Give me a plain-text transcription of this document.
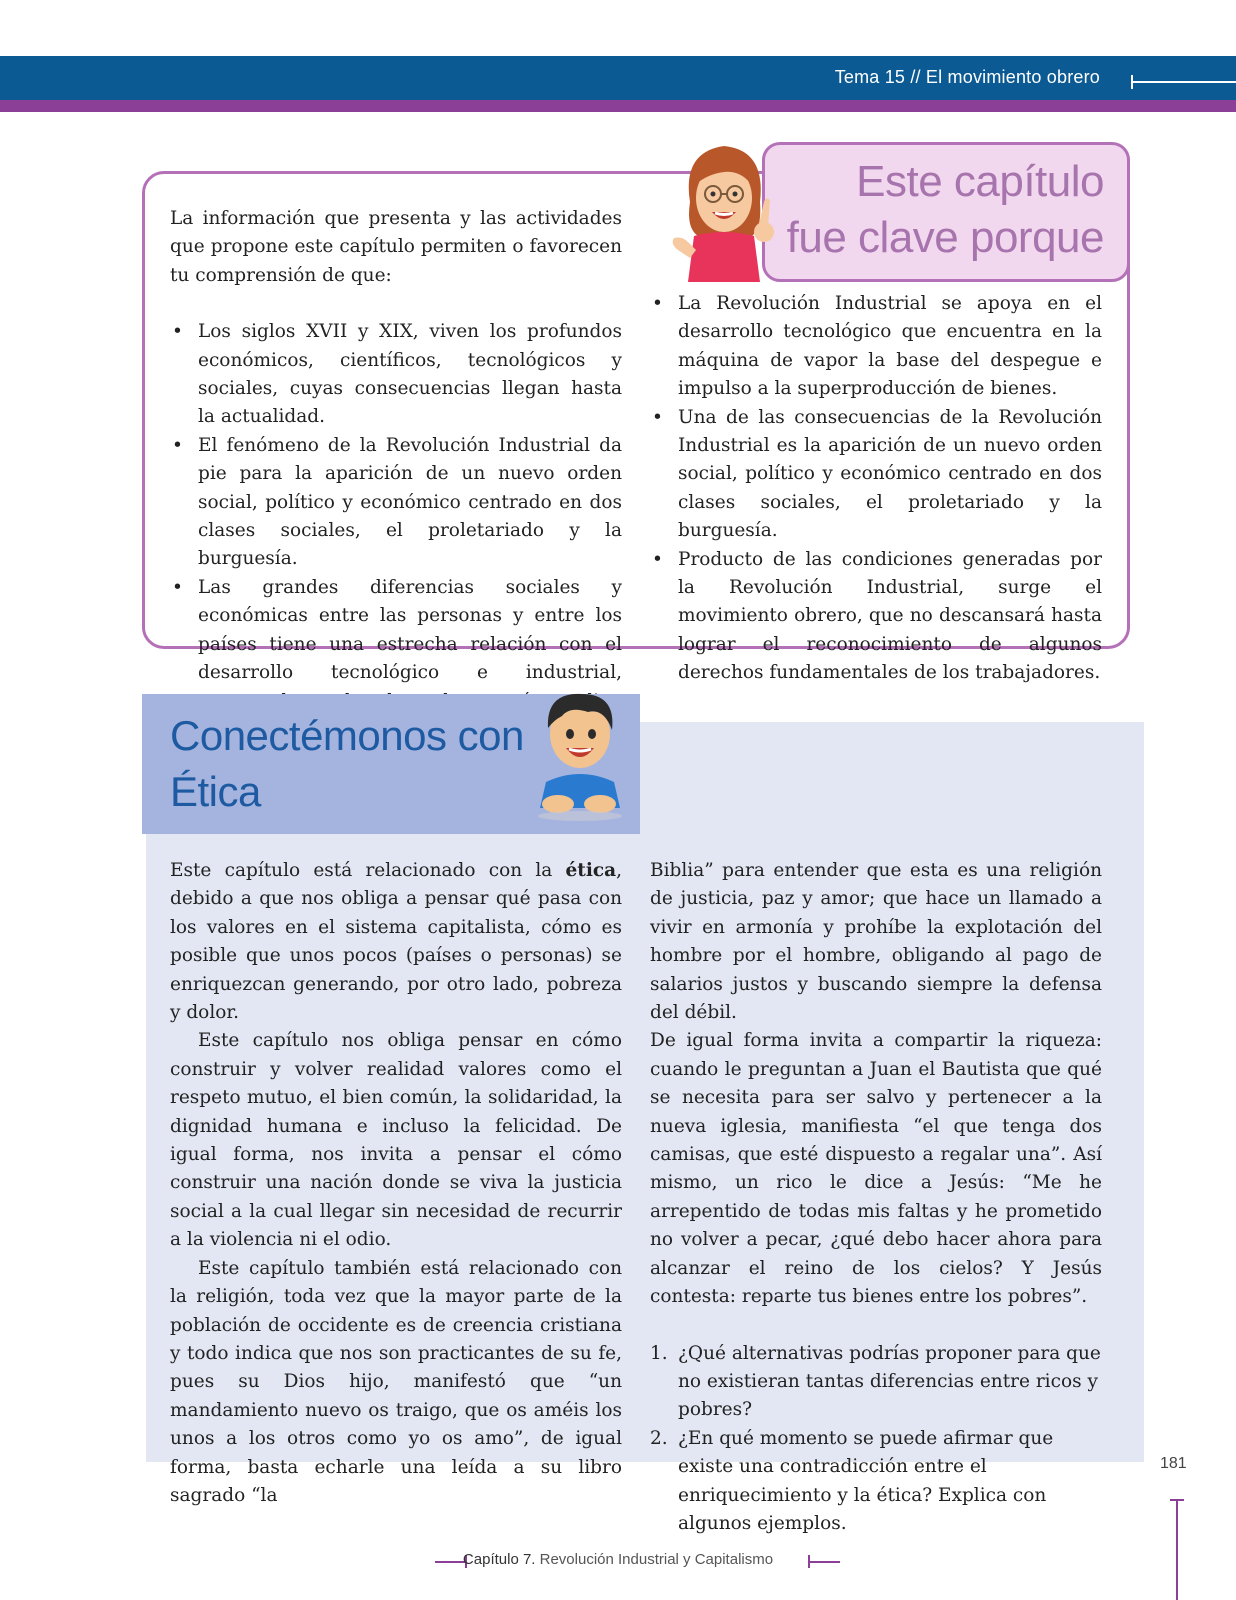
Tema 15 // El movimiento obrero
Este capítulo
fue clave porque

La información que presenta y las actividades que propone este capítulo permiten o favorecen tu comprensión de que:

• Los siglos XVII y XIX, viven los profundos económicos, científicos, tecnológicos y sociales, cuyas consecuencias llegan hasta la actualidad.
• El fenómeno de la Revolución Industrial da pie para la aparición de un nuevo orden social, político y económico centrado en dos clases sociales, el proletariado y la burguesía.
• Las grandes diferencias sociales y económicas entre las personas y entre los países tiene una estrecha relación con el desarrollo tecnológico e industrial,
• La Revolución Industrial se apoya en el desarrollo tecnológico que encuentra en la máquina de vapor la base del despegue e impulso a la superproducción de bienes.
• Una de las consecuencias de la Revolución Industrial es la aparición de un nuevo orden social, político y económico centrado en dos clases sociales, el proletariado y la burguesía.
• Producto de las condiciones generadas por la Revolución Industrial, surge el movimiento obrero, que no descansará hasta lograr el reconocimiento de algunos derechos fundamentales de los trabajadores.
Conectémonos con
Ética

Este capítulo está relacionado con la ética, debido a que nos obliga a pensar qué pasa con los valores en el sistema capitalista, cómo es posible que unos pocos (países o personas) se enriquezcan generando, por otro lado, pobreza y dolor.

Este capítulo nos obliga pensar en cómo construir y volver realidad valores como el respeto mutuo, el bien común, la solidaridad, la dignidad humana e incluso la felicidad. De igual forma, nos invita a pensar el cómo construir una nación donde se viva la justicia social a la cual llegar sin necesidad de recurrir a la violencia ni el odio.

Este capítulo también está relacionado con la religión, toda vez que la mayor parte de la población de occidente es de creencia cristiana y todo indica que nos son practicantes de su fe, pues su Dios hijo, manifestó que “un mandamiento nuevo os traigo, que os améis los unos a los otros como yo os amo”, de igual forma, basta echarle una leída a su libro sagrado “la

Biblia” para entender que esta es una religión de justicia, paz y amor; que hace un llamado a vivir en armonía y prohíbe la explotación del hombre por el hombre, obligando al pago de salarios justos y buscando siempre la defensa del débil.

De igual forma invita a compartir la riqueza: cuando le preguntan a Juan el Bautista que qué se necesita para ser salvo y pertenecer a la nueva iglesia, manifiesta “el que tenga dos camisas, que esté dispuesto a regalar una”. Así mismo, un rico le dice a Jesús: “Me he arrepentido de todas mis faltas y he prometido no volver a pecar, ¿qué debo hacer ahora para alcanzar el reino de los cielos? Y Jesús contesta: reparte tus bienes entre los pobres”.

1. ¿Qué alternativas podrías proponer para que no existieran tantas diferencias entre ricos y pobres?
2. ¿En qué momento se puede afirmar que existe una contradicción entre el enriquecimiento y la ética? Explica con algunos ejemplos.
181
Capítulo 7. Revolución Industrial y Capitalismo
